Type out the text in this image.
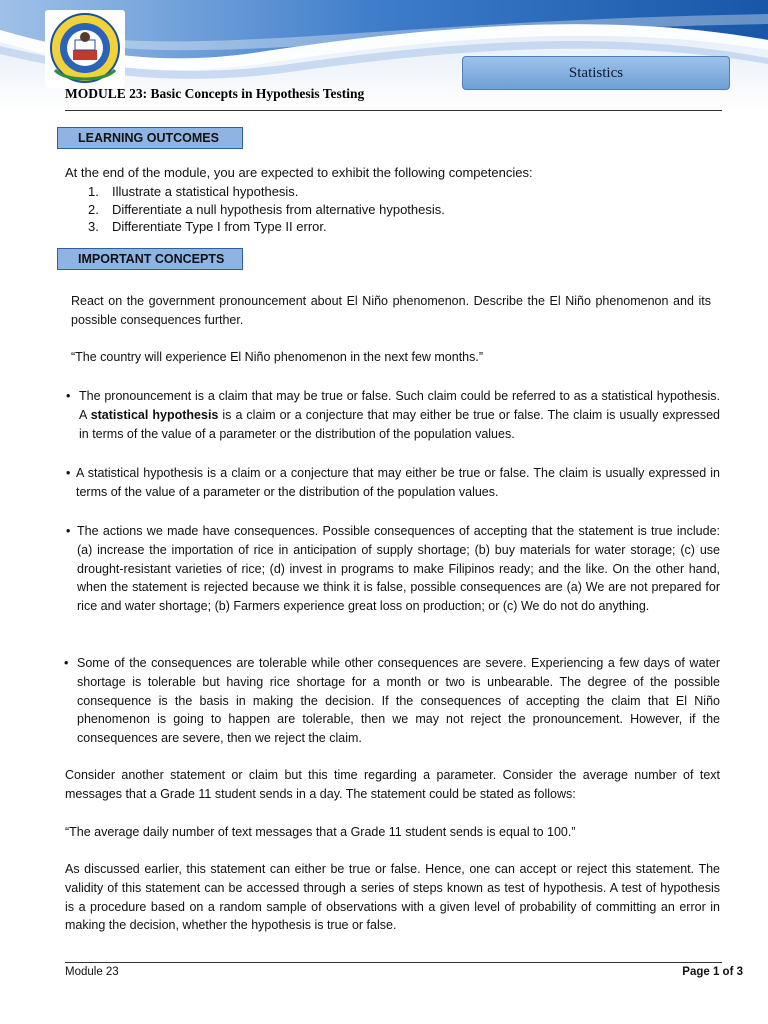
Statistics
MODULE 23: Basic Concepts in Hypothesis Testing
LEARNING OUTCOMES
At the end of the module, you are expected to exhibit the following competencies:
1.	Illustrate a statistical hypothesis.
2.	Differentiate a null hypothesis from alternative hypothesis.
3.	Differentiate Type I from Type II error.
IMPORTANT CONCEPTS
React on the government pronouncement about El Niño phenomenon. Describe the El Niño phenomenon and its possible consequences further.
“The country will experience El Niño phenomenon in the next few months.”
• The pronouncement is a claim that may be true or false. Such claim could be referred to as a statistical hypothesis. A statistical hypothesis is a claim or a conjecture that may either be true or false. The claim is usually expressed in terms of the value of a parameter or the distribution of the population values.
• A statistical hypothesis is a claim or a conjecture that may either be true or false. The claim is usually expressed in terms of the value of a parameter or the distribution of the population values.
• The actions we made have consequences. Possible consequences of accepting that the statement is true include: (a) increase the importation of rice in anticipation of supply shortage; (b) buy materials for water storage; (c) use drought-resistant varieties of rice; (d) invest in programs to make Filipinos ready; and the like. On the other hand, when the statement is rejected because we think it is false, possible consequences are (a) We are not prepared for rice and water shortage; (b) Farmers experience great loss on production; or (c) We do not do anything.
• Some of the consequences are tolerable while other consequences are severe. Experiencing a few days of water shortage is tolerable but having rice shortage for a month or two is unbearable. The degree of the possible consequence is the basis in making the decision. If the consequences of accepting the claim that El Niño phenomenon is going to happen are tolerable, then we may not reject the pronouncement. However, if the consequences are severe, then we reject the claim.
Consider another statement or claim but this time regarding a parameter. Consider the average number of text messages that a Grade 11 student sends in a day. The statement could be stated as follows:
“The average daily number of text messages that a Grade 11 student sends is equal to 100.”
As discussed earlier, this statement can either be true or false. Hence, one can accept or reject this statement. The validity of this statement can be accessed through a series of steps known as test of hypothesis. A test of hypothesis is a procedure based on a random sample of observations with a given level of probability of committing an error in making the decision, whether the hypothesis is true or false.
Module 23	Page 1 of 3
